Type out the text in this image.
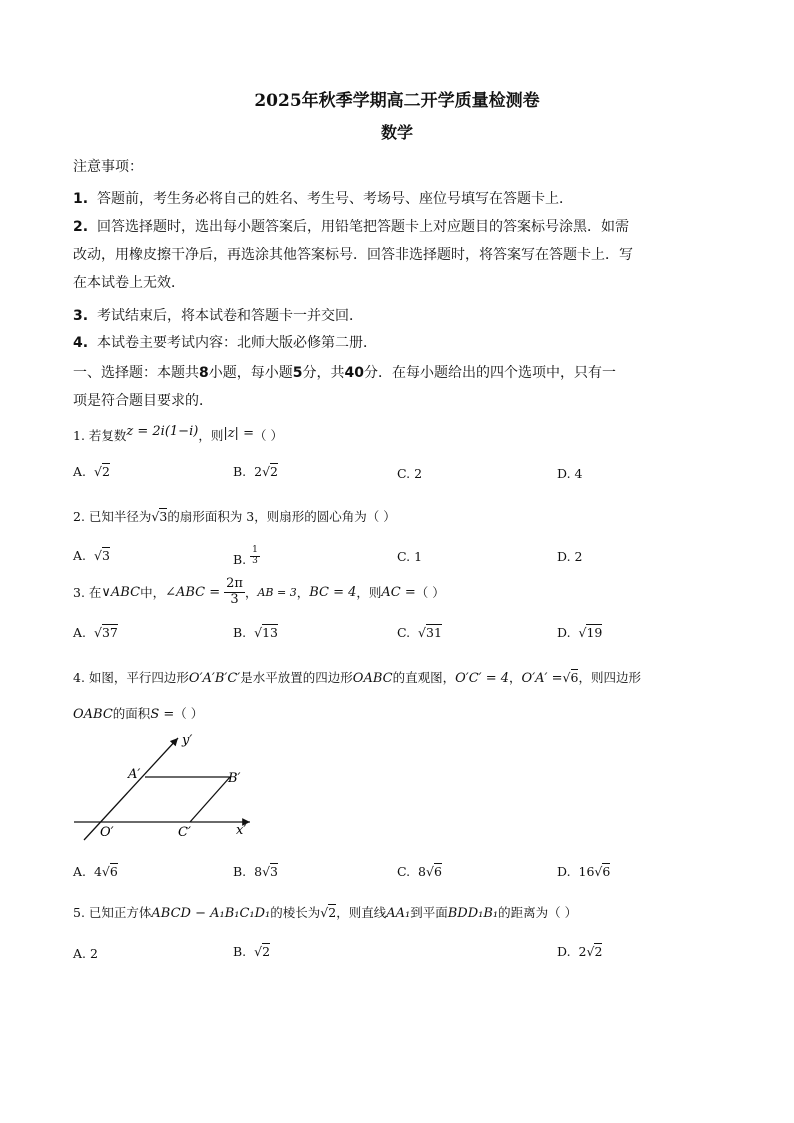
2025年秋季学期高二开学质量检测卷
数学
注意事项：
1. 答题前，考生务必将自己的姓名、考生号、考场号、座位号填写在答题卡上．
2. 回答选择题时，选出每小题答案后，用铅笔把答题卡上对应题目的答案标号涂黑．如需
改动，用橡皮擦干净后，再选涂其他答案标号．回答非选择题时，将答案写在答题卡上．写
在本试卷上无效．
3. 考试结束后，将本试卷和答题卡一并交回．
4. 本试卷主要考试内容：北师大版必修第二册．
一、选择题：本题共8小题，每小题5分，共40分．在每小题给出的四个选项中，只有一
项是符合题目要求的．
1. 若复数z = 2i(1−i)，则|z| =（ ）
A.  √2	B. 2√2	C. 2	D. 4
2. 已知半径为√3的扇形面积为 3，则扇形的圆心角为（ ）
A.  √3	B. $\frac{1}{3}$	C. 1	D. 2
3. 在 ∨ABC 中， ∠ABC =
$\frac{2\pi}{3}$ ， AB = 3 ， BC = 4 ，则 AC = （ ）
A.  √37	B.  √13	C.  √31	D.  √19
4. 如图，平行四边形O′A′B′C′是水平放置的四边形OABC的直观图，O′C′ = 4，O′A′ =√6，则四边形
OABC的面积S =（ ）
y′
x′
A′	B′
O′	C′
A. 4√6	B. 8√3	C. 8√6	D. 16√6
5. 已知正方体ABCD − A₁B₁C₁D₁的棱长为√2，则直线AA₁到平面BDD₁B₁的距离为（ ）
A. 2	B.  √2	D. 2√2
